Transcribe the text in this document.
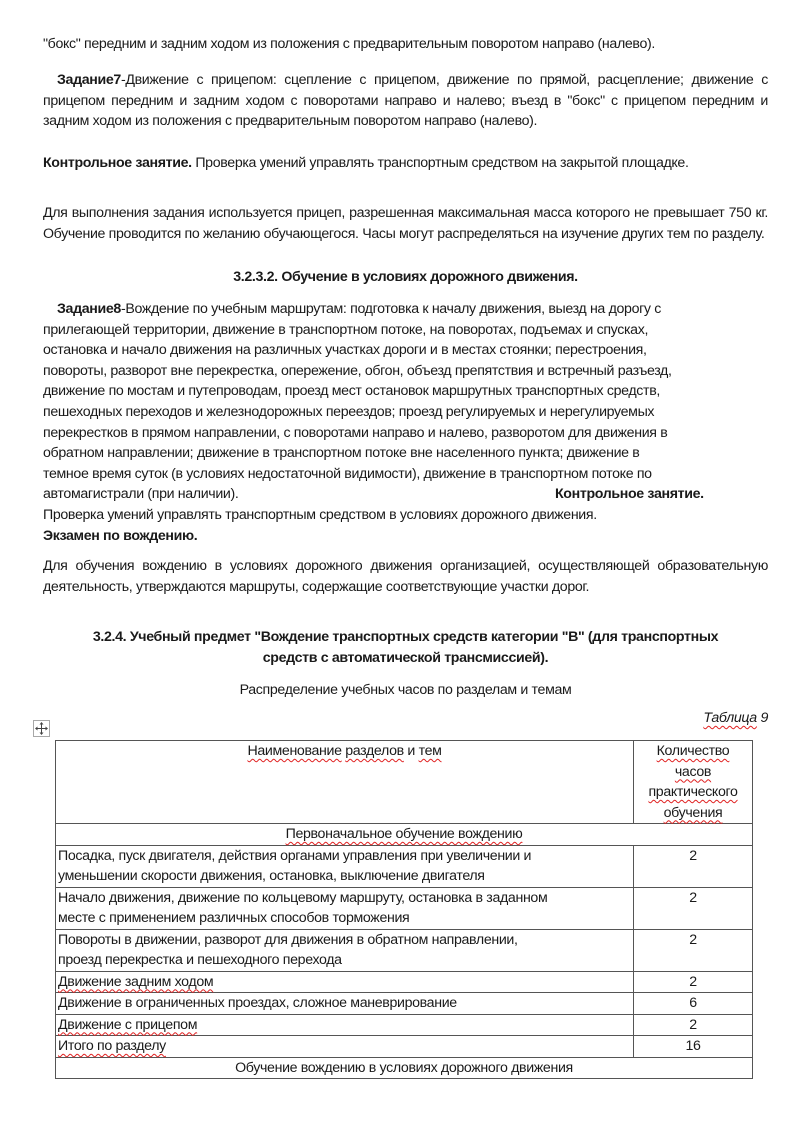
"бокс" передним и задним ходом из положения с предварительным поворотом направо (налево).
Задание7-Движение с прицепом: сцепление с прицепом, движение по прямой, расцепление; движение с прицепом передним и задним ходом с поворотами направо и налево; въезд в "бокс" с прицепом передним и задним ходом из положения с предварительным поворотом направо (налево).
Контрольное занятие. Проверка умений управлять транспортным средством на закрытой площадке.
Для выполнения задания используется прицеп, разрешенная максимальная масса которого не превышает 750 кг. Обучение проводится по желанию обучающегося. Часы могут распределяться на изучение других тем по разделу.
3.2.3.2. Обучение в условиях дорожного движения.
Задание8-Вождение по учебным маршрутам: подготовка к началу движения, выезд на дорогу с
прилегающей территории, движение в транспортном потоке, на поворотах, подъемах и спусках,
остановка и начало движения на различных участках дороги и в местах стоянки; перестроения,
повороты, разворот вне перекрестка, опережение, обгон, объезд препятствия и встречный разъезд,
движение по мостам и путепроводам, проезд мест остановок маршрутных транспортных средств,
пешеходных переходов и железнодорожных переездов; проезд регулируемых и нерегулируемых
перекрестков в прямом направлении, с поворотами направо и налево, разворотом для движения в
обратном направлении; движение в транспортном потоке вне населенного пункта; движение в
темное время суток (в условиях недостаточной видимости), движение в транспортном потоке по
автомагистрали (при наличии).	Контрольное занятие.
Проверка умений управлять транспортным средством в условиях дорожного движения.
Экзамен по вождению.
Для обучения вождению в условиях дорожного движения организацией, осуществляющей образовательную деятельность, утверждаются маршруты, содержащие соответствующие участки дорог.
3.2.4. Учебный предмет "Вождение транспортных средств категории "В" (для транспортных
средств с автоматической трансмиссией).
Распределение учебных часов по разделам и темам
Таблица 9
Наименование разделов и тем	Количество
часов
практического
обучения

Первоначальное обучение вождению	

Посадка, пуск двигателя, действия органами управления при увеличении и
уменьшении скорости движения, остановка, выключение двигателя	2

Начало движения, движение по кольцевому маршруту, остановка в заданном
месте с применением различных способов торможения	2

Повороты в движении, разворот для движения в обратном направлении,
проезд перекрестка и пешеходного перехода	2
Движение задним ходом	2
Движение в ограниченных проездах, сложное маневрирование	6
Движение с прицепом	2
Итого по разделу	16
Обучение вождению в условиях дорожного движения	
